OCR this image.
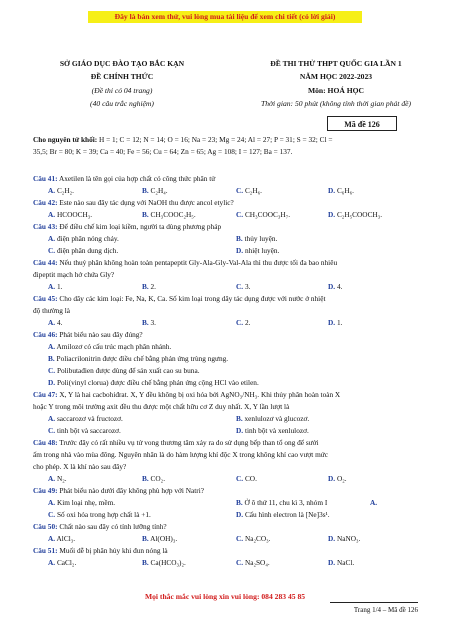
Đây là bản xem thử, vui lòng mua tài liệu để xem chi tiết (có lời giải)
SỞ GIÁO DỤC ĐÀO TẠO BẮC KẠN
ĐỀ CHÍNH THỨC
(Đề thi có 04 trang)
(40 câu trắc nghiệm)
ĐỀ THI THỬ THPT QUỐC GIA LẦN 1
NĂM HỌC 2022-2023
Môn: HOÁ HỌC
Thời gian: 50 phút (không tính thời gian phát đề)
Mã đề 126
Cho nguyên tử khối: H = 1; C = 12; N = 14; O = 16; Na = 23; Mg = 24; Al = 27; P = 31; S = 32; Cl =
35,5; Br = 80; K = 39; Ca = 40; Fe = 56; Cu = 64; Zn = 65; Ag = 108; I = 127; Ba = 137.
Câu 41: Axetilen là tên gọi của hợp chất có công thức phân tử
A. C₂H₂.	B. C₂H₄.	C. C₂H₆.	D. C₆H₆.
Câu 42: Este nào sau đây tác dụng với NaOH thu được ancol etylic?
A. HCOOCH₃.	B. CH₃COOC₂H₅.	C. CH₃COOC₃H₇.	D. C₂H₅COOCH₃.
Câu 43: Để điều chế kim loại kiềm, người ta dùng phương pháp
A. điện phân nóng chảy.	B. thủy luyện.
C. điện phân dung dịch.	D. nhiệt luyện.
Câu 44: Nếu thuỷ phân không hoàn toàn pentapeptit Gly-Ala-Gly-Val-Ala thì thu được tối đa bao nhiêu
đipeptit mạch hở chứa Gly?
A. 1.	B. 2.	C. 3.	D. 4.
Câu 45: Cho dãy các kim loại: Fe, Na, K, Ca. Số kim loại trong dãy tác dụng được với nước ở nhiệt
độ thường là
A. 4.	B. 3.	C. 2.	D. 1.
Câu 46: Phát biểu nào sau đây đúng?
A. Amilozơ có cấu trúc mạch phân nhánh.
B. Poliacrilonitrin được điều chế bằng phản ứng trùng ngưng.
C. Polibutađien được dùng để sản xuất cao su buna.
D. Poli(vinyl clorua) được điều chế bằng phản ứng cộng HCl vào etilen.
Câu 47: X, Y là hai cacbohiđrat. X, Y đều không bị oxi hóa bởi AgNO₃/NH₃. Khi thủy phân hoàn toàn X
hoặc Y trong môi trường axit đều thu được một chất hữu cơ Z duy nhất. X, Y lần lượt là
A. saccarozơ và fructozơ.	B. xenlulozơ và glucozơ.
C. tinh bột và saccarozơ.	D. tinh bột và xenlulozơ.
Câu 48: Trước đây có rất nhiều vụ tử vong thương tâm xảy ra do sử dụng bếp than tổ ong để sưởi
ấm trong nhà vào mùa đông. Nguyên nhân là do hàm lượng khí độc X trong không khí cao vượt mức
cho phép. X là khí nào sau đây?
A. N₂.	B. CO₂.	C. CO.	D. O₂.
Câu 49: Phát biểu nào dưới đây không phù hợp với Natri?
A. Kim loại nhẹ, mềm.	B. Ở ô thứ 11, chu kì 3, nhóm I	A.
C. Số oxi hóa trong hợp chất là +1.	D. Cấu hình electron là [Ne]3s¹.
Câu 50: Chất nào sau đây có tính lưỡng tính?
A. AlCl₃.	B. Al(OH)₃.	C. Na₂CO₃.	D. NaNO₃.
Câu 51: Muối dễ bị phân hủy khi đun nóng là
A. CaCl₂.	B. Ca(HCO₃)₂.	C. Na₂SO₄.	D. NaCl.
Mọi thắc mắc vui lòng xin vui lòng: 084 283 45 85
Trang 1/4 – Mã đề 126
